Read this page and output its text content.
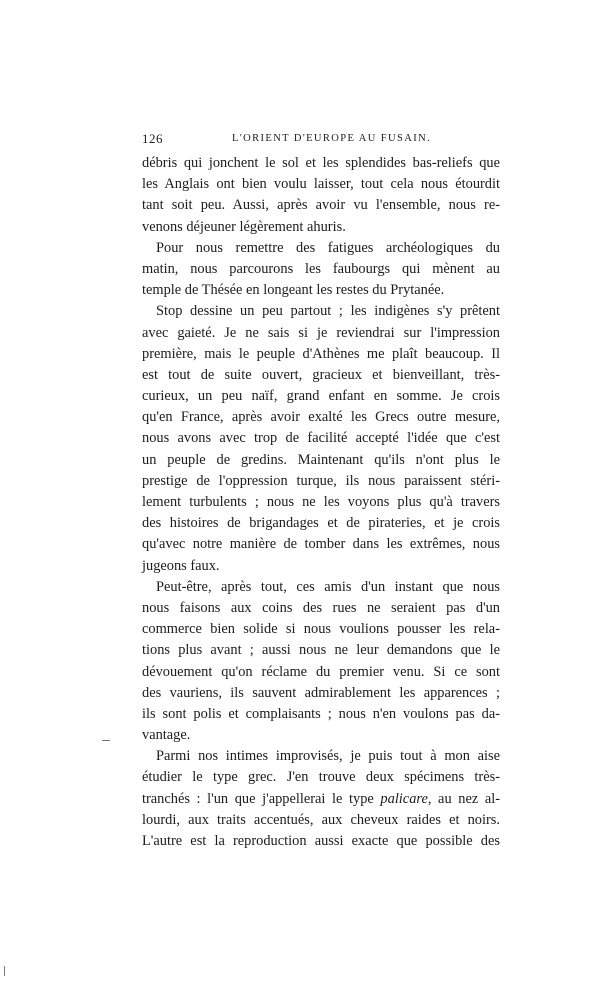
126	L'ORIENT D'EUROPE AU FUSAIN.
débris qui jonchent le sol et les splendides bas-reliefs que
les Anglais ont bien voulu laisser, tout cela nous étourdit
tant soit peu. Aussi, après avoir vu l'ensemble, nous re-
venons déjeuner légèrement ahuris.
Pour nous remettre des fatigues archéologiques du
matin, nous parcourons les faubourgs qui mènent au
temple de Thésée en longeant les restes du Prytanée.
Stop dessine un peu partout ; les indigènes s'y prêtent
avec gaieté. Je ne sais si je reviendrai sur l'impression
première, mais le peuple d'Athènes me plaît beaucoup. Il
est tout de suite ouvert, gracieux et bienveillant, très-
curieux, un peu naïf, grand enfant en somme. Je crois
qu'en France, après avoir exalté les Grecs outre mesure,
nous avons avec trop de facilité accepté l'idée que c'est
un peuple de gredins. Maintenant qu'ils n'ont plus le
prestige de l'oppression turque, ils nous paraissent stéri-
lement turbulents ; nous ne les voyons plus qu'à travers
des histoires de brigandages et de pirateries, et je crois
qu'avec notre manière de tomber dans les extrêmes, nous
jugeons faux.
Peut-être, après tout, ces amis d'un instant que nous
nous faisons aux coins des rues ne seraient pas d'un
commerce bien solide si nous voulions pousser les rela-
tions plus avant ; aussi nous ne leur demandons que le
dévouement qu'on réclame du premier venu. Si ce sont
des vauriens, ils sauvent admirablement les apparences ;
ils sont polis et complaisants ; nous n'en voulons pas da-
vantage.
Parmi nos intimes improvisés, je puis tout à mon aise
étudier le type grec. J'en trouve deux spécimens très-
tranchés : l'un que j'appellerai le type palicare, au nez al-
lourdi, aux traits accentués, aux cheveux raides et noirs.
L'autre est la reproduction aussi exacte que possible des
